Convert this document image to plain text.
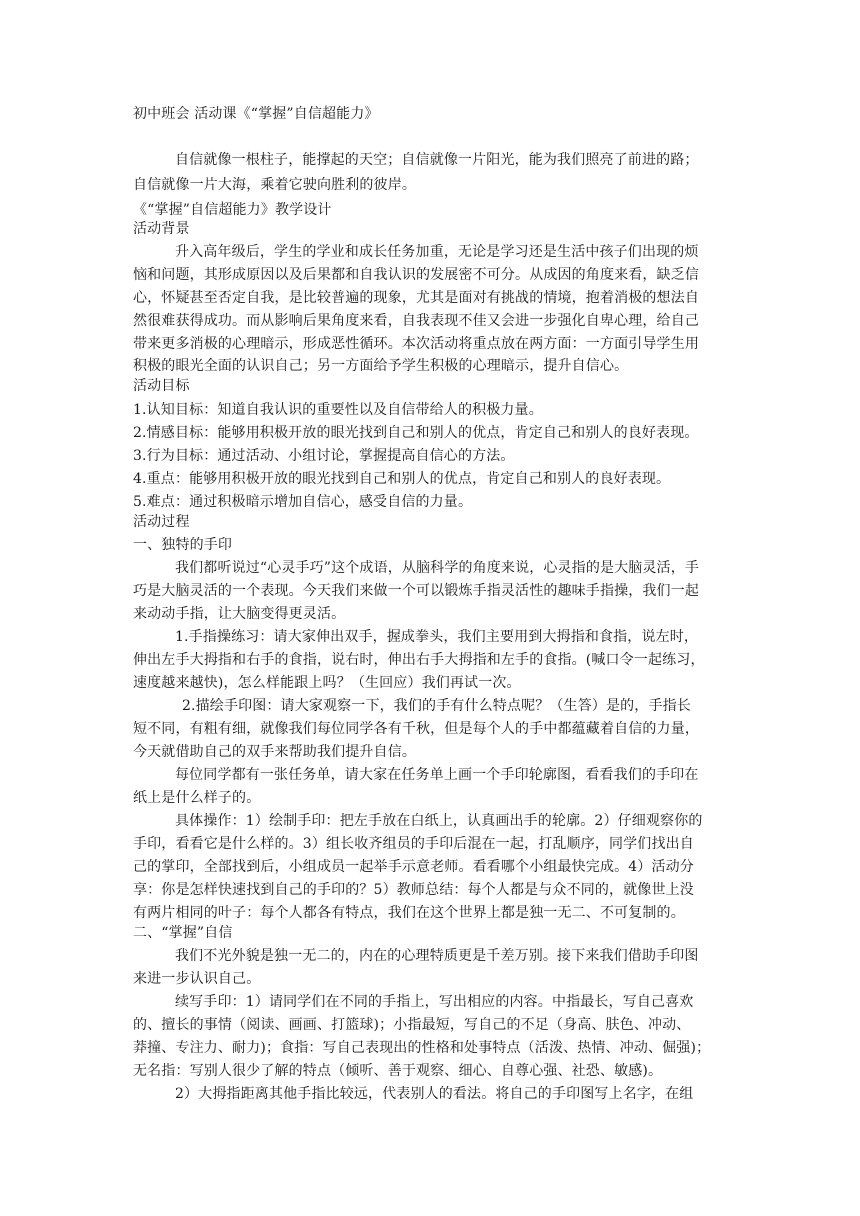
初中班会 活动课《“掌握”自信超能力》
自信就像一根柱子，能撑起的天空；自信就像一片阳光，能为我们照亮了前进的路；
自信就像一片大海，乘着它驶向胜利的彼岸。
《“掌握”自信超能力》教学设计
活动背景
升入高年级后，学生的学业和成长任务加重，无论是学习还是生活中孩子们出现的烦
恼和问题，其形成原因以及后果都和自我认识的发展密不可分。从成因的角度来看，缺乏信
心，怀疑甚至否定自我，是比较普遍的现象，尤其是面对有挑战的情境，抱着消极的想法自
然很难获得成功。而从影响后果角度来看，自我表现不佳又会进一步强化自卑心理，给自己
带来更多消极的心理暗示，形成恶性循环。本次活动将重点放在两方面：一方面引导学生用
积极的眼光全面的认识自己；另一方面给予学生积极的心理暗示，提升自信心。
活动目标
1.认知目标：知道自我认识的重要性以及自信带给人的积极力量。
2.情感目标：能够用积极开放的眼光找到自己和别人的优点，肯定自己和别人的良好表现。
3.行为目标：通过活动、小组讨论，掌握提高自信心的方法。
4.重点：能够用积极开放的眼光找到自己和别人的优点，肯定自己和别人的良好表现。
5.难点：通过积极暗示增加自信心，感受自信的力量。
活动过程
一、独特的手印
我们都听说过“心灵手巧”这个成语，从脑科学的角度来说，心灵指的是大脑灵活，手
巧是大脑灵活的一个表现。今天我们来做一个可以锻炼手指灵活性的趣味手指操，我们一起
来动动手指，让大脑变得更灵活。
1.手指操练习：请大家伸出双手，握成拳头，我们主要用到大拇指和食指，说左时，
伸出左手大拇指和右手的食指，说右时，伸出右手大拇指和左手的食指。(喊口令一起练习，
速度越来越快)，怎么样能跟上吗？（生回应）我们再试一次。
2.描绘手印图：请大家观察一下，我们的手有什么特点呢？（生答）是的，手指长
短不同，有粗有细，就像我们每位同学各有千秋，但是每个人的手中都蕴藏着自信的力量，
今天就借助自己的双手来帮助我们提升自信。
每位同学都有一张任务单，请大家在任务单上画一个手印轮廓图，看看我们的手印在
纸上是什么样子的。
具体操作：1）绘制手印：把左手放在白纸上，认真画出手的轮廓。2）仔细观察你的
手印，看看它是什么样的。3）组长收齐组员的手印后混在一起，打乱顺序，同学们找出自
己的掌印，全部找到后，小组成员一起举手示意老师。看看哪个小组最快完成。4）活动分
享：你是怎样快速找到自己的手印的？5）教师总结：每个人都是与众不同的，就像世上没
有两片相同的叶子：每个人都各有特点，我们在这个世界上都是独一无二、不可复制的。
二、“掌握”自信
我们不光外貌是独一无二的，内在的心理特质更是千差万别。接下来我们借助手印图
来进一步认识自己。
续写手印：1）请同学们在不同的手指上，写出相应的内容。中指最长，写自己喜欢
的、擅长的事情（阅读、画画、打篮球)；小指最短，写自己的不足（身高、肤色、冲动、
莽撞、专注力、耐力)；食指：写自己表现出的性格和处事特点（活泼、热情、冲动、倔强)；
无名指：写别人很少了解的特点（倾听、善于观察、细心、自尊心强、社恐、敏感)。
2）大拇指距离其他手指比较远，代表别人的看法。将自己的手印图写上名字，在组
